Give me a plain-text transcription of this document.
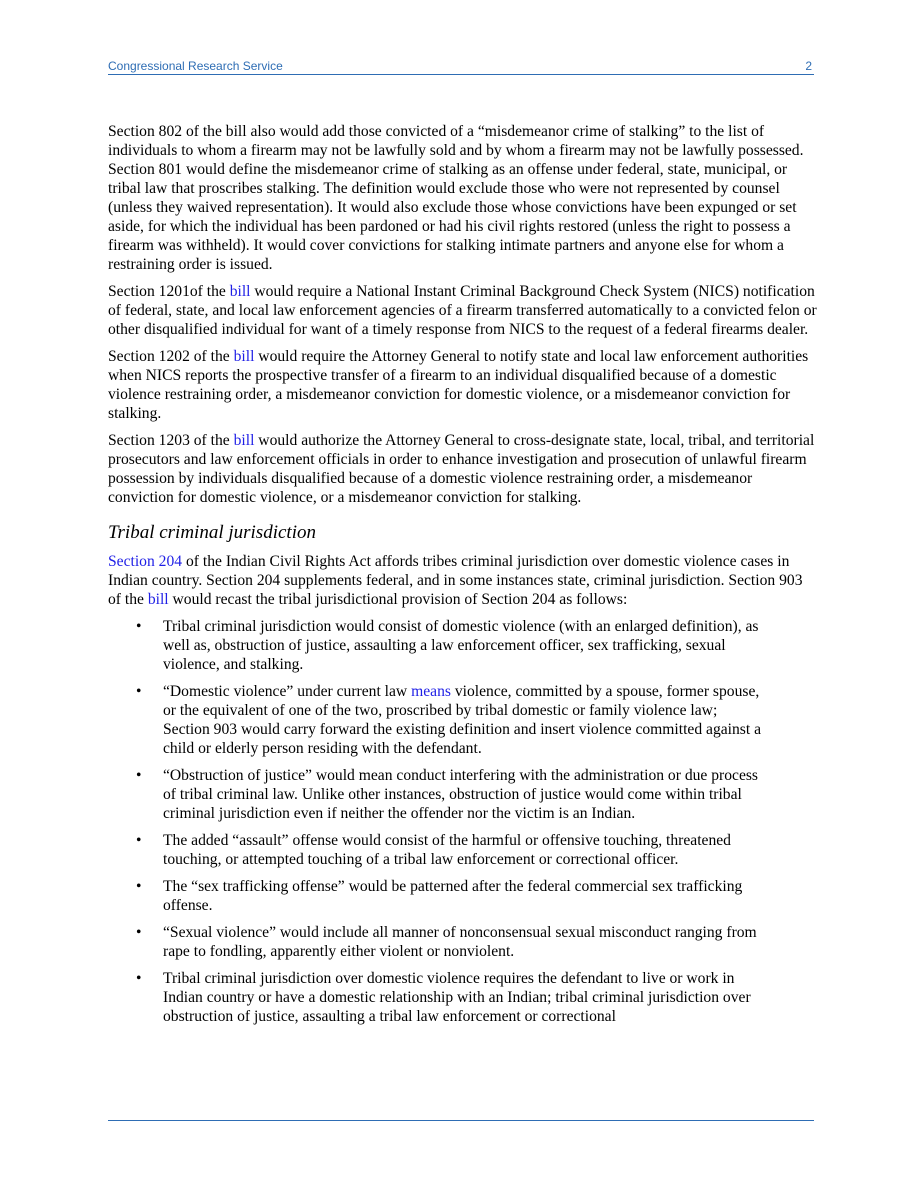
Congressional Research Service	2

Section 802 of the bill also would add those convicted of a “misdemeanor crime of stalking” to the list of individuals to whom a firearm may not be lawfully sold and by whom a firearm may not be lawfully possessed. Section 801 would define the misdemeanor crime of stalking as an offense under federal, state, municipal, or tribal law that proscribes stalking. The definition would exclude those who were not represented by counsel (unless they waived representation). It would also exclude those whose convictions have been expunged or set aside, for which the individual has been pardoned or had his civil rights restored (unless the right to possess a firearm was withheld). It would cover convictions for stalking intimate partners and anyone else for whom a restraining order is issued.

Section 1201of the bill would require a National Instant Criminal Background Check System (NICS) notification of federal, state, and local law enforcement agencies of a firearm transferred automatically to a convicted felon or other disqualified individual for want of a timely response from NICS to the request of a federal firearms dealer.

Section 1202 of the bill would require the Attorney General to notify state and local law enforcement authorities when NICS reports the prospective transfer of a firearm to an individual disqualified because of a domestic violence restraining order, a misdemeanor conviction for domestic violence, or a misdemeanor conviction for stalking.

Section 1203 of the bill would authorize the Attorney General to cross-designate state, local, tribal, and territorial prosecutors and law enforcement officials in order to enhance investigation and prosecution of unlawful firearm possession by individuals disqualified because of a domestic violence restraining order, a misdemeanor conviction for domestic violence, or a misdemeanor conviction for stalking.

Tribal criminal jurisdiction

Section 204 of the Indian Civil Rights Act affords tribes criminal jurisdiction over domestic violence cases in Indian country. Section 204 supplements federal, and in some instances state, criminal jurisdiction. Section 903 of the bill would recast the tribal jurisdictional provision of Section 204 as follows:

• Tribal criminal jurisdiction would consist of domestic violence (with an enlarged definition), as well as, obstruction of justice, assaulting a law enforcement officer, sex trafficking, sexual violence, and stalking.
• “Domestic violence” under current law means violence, committed by a spouse, former spouse, or the equivalent of one of the two, proscribed by tribal domestic or family violence law; Section 903 would carry forward the existing definition and insert violence committed against a child or elderly person residing with the defendant.
• “Obstruction of justice” would mean conduct interfering with the administration or due process of tribal criminal law. Unlike other instances, obstruction of justice would come within tribal criminal jurisdiction even if neither the offender nor the victim is an Indian.
• The added “assault” offense would consist of the harmful or offensive touching, threatened touching, or attempted touching of a tribal law enforcement or correctional officer.
• The “sex trafficking offense” would be patterned after the federal commercial sex trafficking offense.
• “Sexual violence” would include all manner of nonconsensual sexual misconduct ranging from rape to fondling, apparently either violent or nonviolent.
• Tribal criminal jurisdiction over domestic violence requires the defendant to live or work in Indian country or have a domestic relationship with an Indian; tribal criminal jurisdiction over obstruction of justice, assaulting a tribal law enforcement or correctional
